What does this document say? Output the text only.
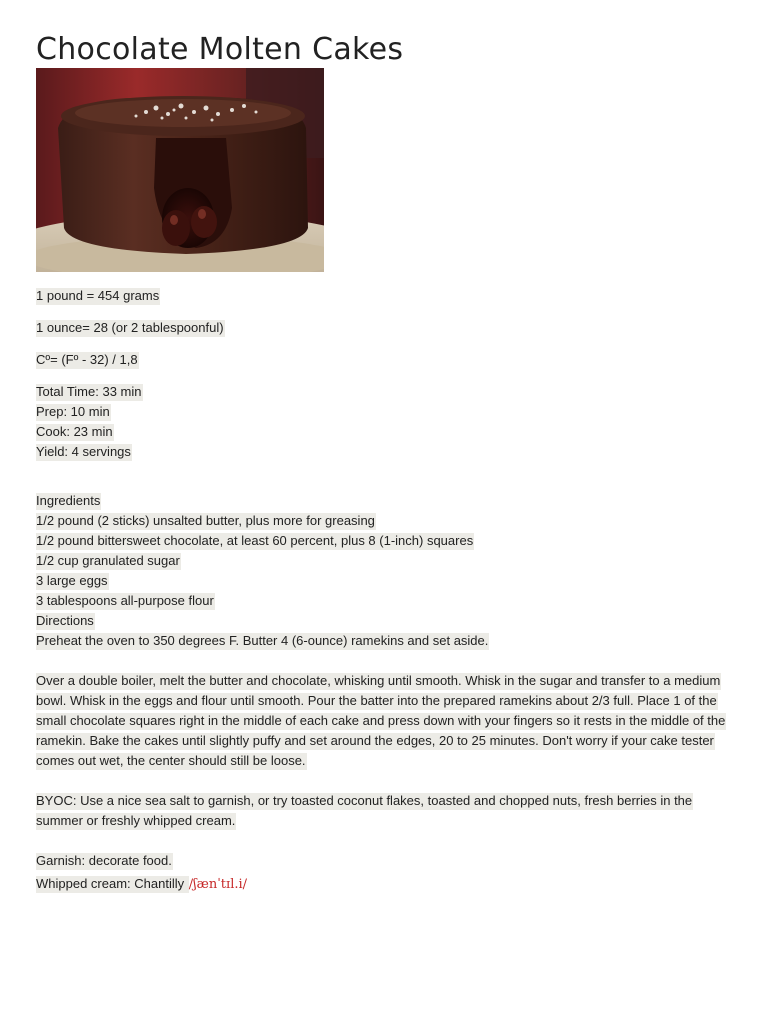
Chocolate Molten Cakes
1 pound = 454 grams
1 ounce= 28 (or 2 tablespoonful)
Cº= (Fº - 32) / 1,8
Total Time: 33 min
Prep: 10 min
Cook: 23 min
Yield: 4 servings
Ingredients
1/2 pound (2 sticks) unsalted butter, plus more for greasing
1/2 pound bittersweet chocolate, at least 60 percent, plus 8 (1-inch) squares
1/2 cup granulated sugar
3 large eggs
3 tablespoons all-purpose flour
Directions
Preheat the oven to 350 degrees F. Butter 4 (6-ounce) ramekins and set aside.
Over a double boiler, melt the butter and chocolate, whisking until smooth. Whisk in the sugar and transfer to a medium bowl. Whisk in the eggs and flour until smooth. Pour the batter into the prepared ramekins about 2/3 full. Place 1 of the small chocolate squares right in the middle of each cake and press down with your fingers so it rests in the middle of the ramekin. Bake the cakes until slightly puffy and set around the edges, 20 to 25 minutes. Don't worry if your cake tester comes out wet, the center should still be loose.
BYOC: Use a nice sea salt to garnish, or try toasted coconut flakes, toasted and chopped nuts, fresh berries in the summer or freshly whipped cream.
Garnish: decorate food.
Whipped cream: Chantilly /ʃænˈtɪl.i/
